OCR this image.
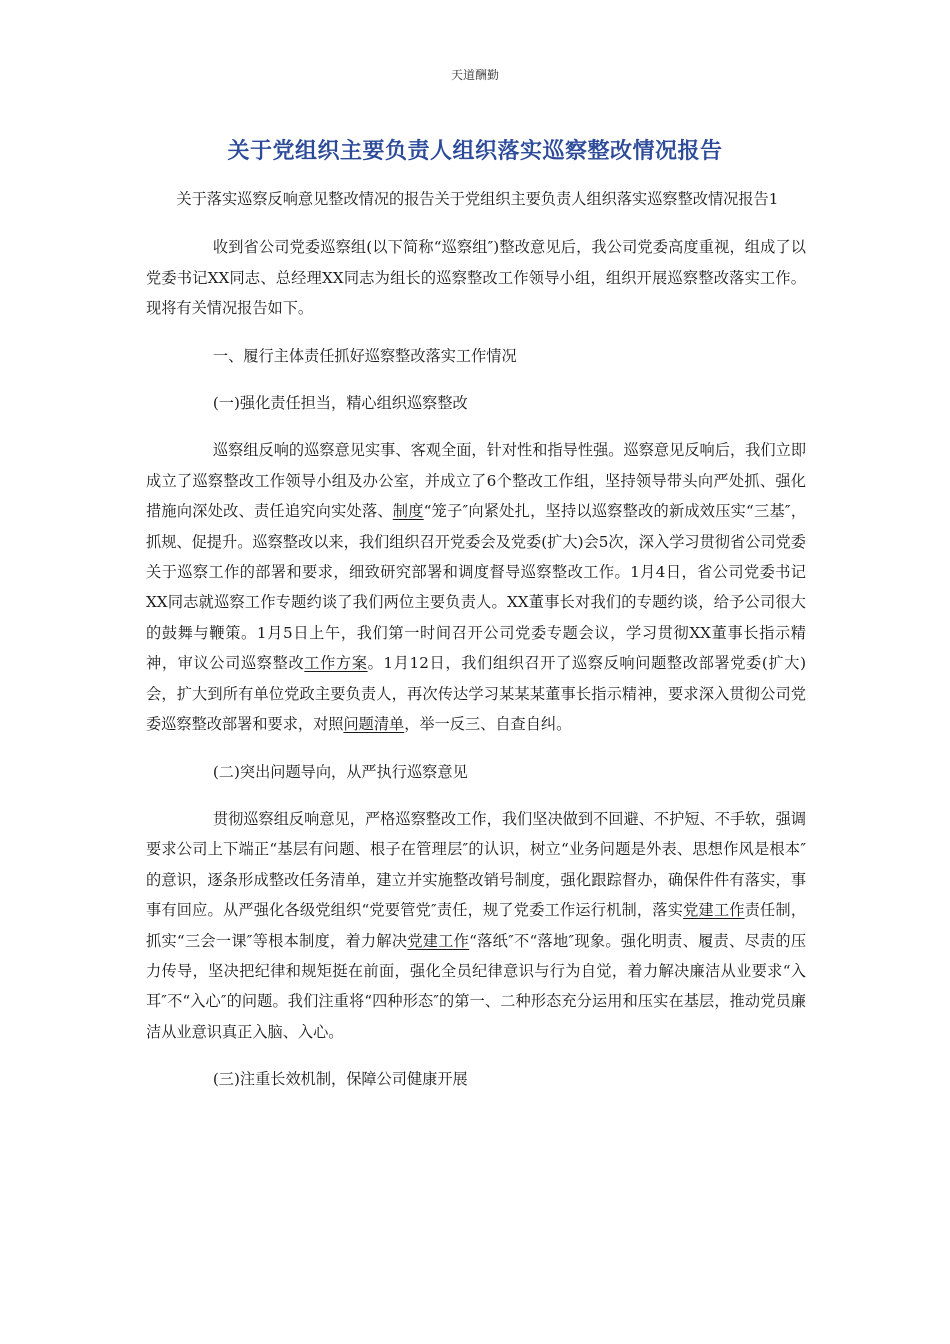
天道酬勤
关于党组织主要负责人组织落实巡察整改情况报告

关于落实巡察反响意见整改情况的报告关于党组织主要负责人组织落实巡察整改情况报告1

收到省公司党委巡察组(以下简称“巡察组″)整改意见后，我公司党委高度重视，组成了以党委书记XX同志、总经理XX同志为组长的巡察整改工作领导小组，组织开展巡察整改落实工作。现将有关情况报告如下。

一、履行主体责任抓好巡察整改落实工作情况

(一)强化责任担当，精心组织巡察整改

巡察组反响的巡察意见实事、客观全面，针对性和指导性强。巡察意见反响后，我们立即成立了巡察整改工作领导小组及办公室，并成立了6个整改工作组，坚持领导带头向严处抓、强化措施向深处改、责任追究向实处落、制度“笼子″向紧处扎，坚持以巡察整改的新成效压实“三基″，抓规、促提升。巡察整改以来，我们组织召开党委会及党委(扩大)会5次，深入学习贯彻省公司党委关于巡察工作的部署和要求，细致研究部署和调度督导巡察整改工作。1月4日，省公司党委书记XX同志就巡察工作专题约谈了我们两位主要负责人。XX董事长对我们的专题约谈，给予公司很大的鼓舞与鞭策。1月5日上午，我们第一时间召开公司党委专题会议，学习贯彻XX董事长指示精神，审议公司巡察整改工作方案。1月12日，我们组织召开了巡察反响问题整改部署党委(扩大)会，扩大到所有单位党政主要负责人，再次传达学习某某某董事长指示精神，要求深入贯彻公司党委巡察整改部署和要求，对照问题清单，举一反三、自查自纠。

(二)突出问题导向，从严执行巡察意见

贯彻巡察组反响意见，严格巡察整改工作，我们坚决做到不回避、不护短、不手软，强调要求公司上下端正“基层有问题、根子在管理层″的认识，树立“业务问题是外表、思想作风是根本″的意识，逐条形成整改任务清单，建立并实施整改销号制度，强化跟踪督办，确保件件有落实，事事有回应。从严强化各级党组织“党要管党″责任，规了党委工作运行机制，落实党建工作责任制，抓实“三会一课″等根本制度，着力解决党建工作“落纸″不“落地″现象。强化明责、履责、尽责的压力传导，坚决把纪律和规矩挺在前面，强化全员纪律意识与行为自觉，着力解决廉洁从业要求“入耳″不“入心″的问题。我们注重将“四种形态″的第一、二种形态充分运用和压实在基层，推动党员廉洁从业意识真正入脑、入心。

(三)注重长效机制，保障公司健康开展
